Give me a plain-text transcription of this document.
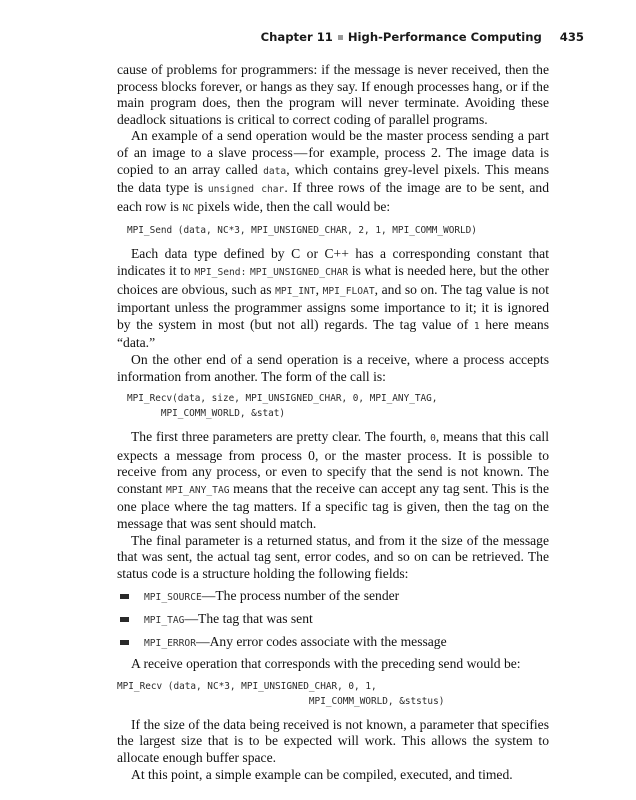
Chapter 11 High-Performance Computing 435

cause of problems for programmers: if the message is never received, then the process blocks forever, or hangs as they say. If enough processes hang, or if the main program does, then the program will never terminate. Avoiding these deadlock situations is critical to correct coding of parallel programs.

An example of a send operation would be the master process sending a part of an image to a slave process—for example, process 2. The image data is copied to an array called data, which contains grey-level pixels. This means the data type is unsigned char. If three rows of the image are to be sent, and each row is NC pixels wide, then the call would be:

MPI_Send (data, NC*3, MPI_UNSIGNED_CHAR, 2, 1, MPI_COMM_WORLD)

Each data type defined by C or C++ has a corresponding constant that indicates it to MPI_Send: MPI_UNSIGNED_CHAR is what is needed here, but the other choices are obvious, such as MPI_INT, MPI_FLOAT, and so on. The tag value is not important unless the programmer assigns some importance to it; it is ignored by the system in most (but not all) regards. The tag value of 1 here means “data.”

On the other end of a send operation is a receive, where a process accepts information from another. The form of the call is:

MPI_Recv(data, size, MPI_UNSIGNED_CHAR, 0, MPI_ANY_TAG,
MPI_COMM_WORLD, &stat)

The first three parameters are pretty clear. The fourth, 0, means that this call expects a message from process 0, or the master process. It is possible to receive from any process, or even to specify that the send is not known. The constant MPI_ANY_TAG means that the receive can accept any tag sent. This is the one place where the tag matters. If a specific tag is given, then the tag on the message that was sent should match.

The final parameter is a returned status, and from it the size of the message that was sent, the actual tag sent, error codes, and so on can be retrieved. The status code is a structure holding the following fields:

MPI_SOURCE—The process number of the sender
MPI_TAG—The tag that was sent
MPI_ERROR—Any error codes associate with the message

A receive operation that corresponds with the preceding send would be:

MPI_Recv (data, NC*3, MPI_UNSIGNED_CHAR, 0, 1,
MPI_COMM_WORLD, &ststus)

If the size of the data being received is not known, a parameter that specifies the largest size that is to be expected will work. This allows the system to allocate enough buffer space.

At this point, a simple example can be compiled, executed, and timed.
